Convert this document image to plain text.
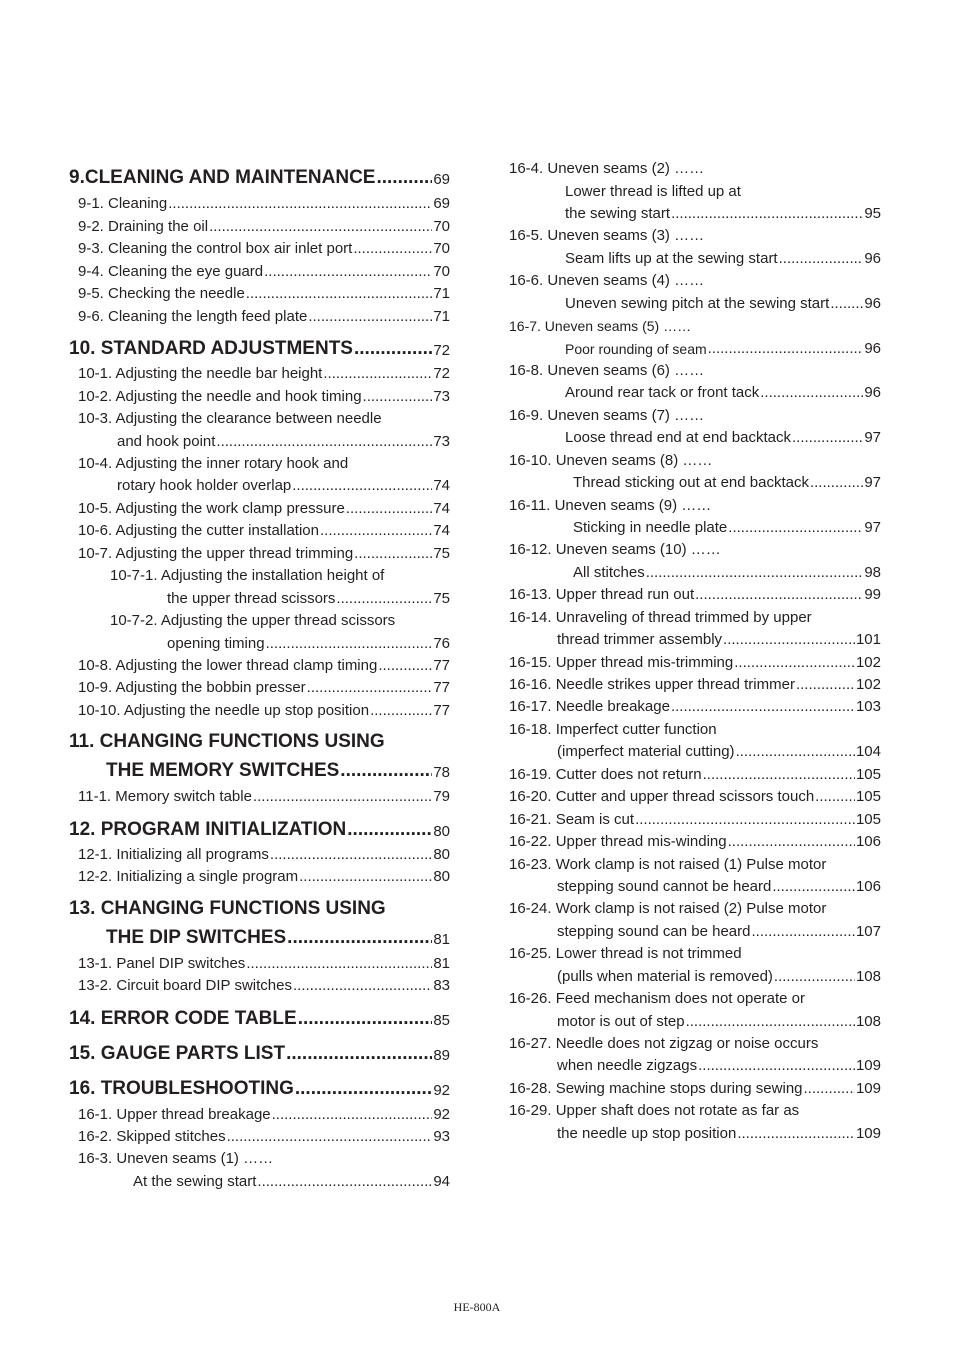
9.CLEANING AND MAINTENANCE .....	69
9-1. Cleaning .....	69
9-2. Draining the oil .....	70
9-3. Cleaning the control box air inlet port .....	70
9-4. Cleaning the eye guard .....	70
9-5. Checking the needle .....	71
9-6. Cleaning the length feed plate .....	71
10. STANDARD ADJUSTMENTS .....	72
10-1. Adjusting the needle bar height .....	72
10-2. Adjusting the needle and hook timing .....	73
10-3. Adjusting the clearance between needle
and hook point .....	73
10-4. Adjusting the inner rotary hook and
rotary hook holder overlap .....	74
10-5. Adjusting the work clamp pressure .....	74
10-6. Adjusting the cutter installation .....	74
10-7. Adjusting the upper thread trimming .....	75
10-7-1. Adjusting the installation height of
the upper thread scissors .....	75
10-7-2. Adjusting the upper thread scissors
opening timing .....	76
10-8. Adjusting the lower thread clamp timing .....	77
10-9. Adjusting the bobbin presser .....	77
10-10. Adjusting the needle up stop position .....	77
11. CHANGING FUNCTIONS USING
THE MEMORY SWITCHES .....	78
11-1. Memory switch table .....	79
12. PROGRAM INITIALIZATION .....	80
12-1. Initializing all programs .....	80
12-2. Initializing a single program .....	80
13. CHANGING FUNCTIONS USING
THE DIP SWITCHES .....	81
13-1. Panel DIP switches .....	81
13-2. Circuit board DIP switches .....	83
14. ERROR CODE TABLE .....	85
15. GAUGE PARTS LIST .....	89
16. TROUBLESHOOTING .....	92
16-1. Upper thread breakage .....	92
16-2. Skipped stitches .....	93
16-3. Uneven seams (1) ……
At the sewing start .....	94
16-4. Uneven seams (2) ……
Lower thread is lifted up at
the sewing start .....	95
16-5. Uneven seams (3) ……
Seam lifts up at the sewing start .....	96
16-6. Uneven seams (4) ……
Uneven sewing pitch at the sewing start ..... 96
16-7. Uneven seams (5) ……
Poor rounding of seam .....	96
16-8. Uneven seams (6) ……
Around rear tack or front tack .....	96
16-9. Uneven seams (7) ……
Loose thread end at end backtack .....	97
16-10. Uneven seams (8) ……
Thread sticking out at end backtack .....	97
16-11. Uneven seams (9) ……
Sticking in needle plate .....	97
16-12. Uneven seams (10) ……
All stitches .....	98
16-13. Upper thread run out .....	99
16-14. Unraveling of thread trimmed by upper
thread trimmer assembly .....	101
16-15. Upper thread mis-trimming .....	102
16-16. Needle strikes upper thread trimmer .....	102
16-17. Needle breakage .....	103
16-18. Imperfect cutter function
(imperfect material cutting) .....	104
16-19. Cutter does not return .....	105
16-20. Cutter and upper thread scissors touch .....	105
16-21. Seam is cut .....	105
16-22. Upper thread mis-winding .....	106
16-23. Work clamp is not raised (1) Pulse motor
stepping sound cannot be heard .....	106
16-24. Work clamp is not raised (2) Pulse motor
stepping sound can be heard .....	107
16-25. Lower thread is not trimmed
(pulls when material is removed) .....	108
16-26. Feed mechanism does not operate or
motor is out of step .....	108
16-27. Needle does not zigzag or noise occurs
when needle zigzags .....	109
16-28. Sewing machine stops during sewing .....	109
16-29. Upper shaft does not rotate as far as
the needle up stop position .....	109
HE-800A
